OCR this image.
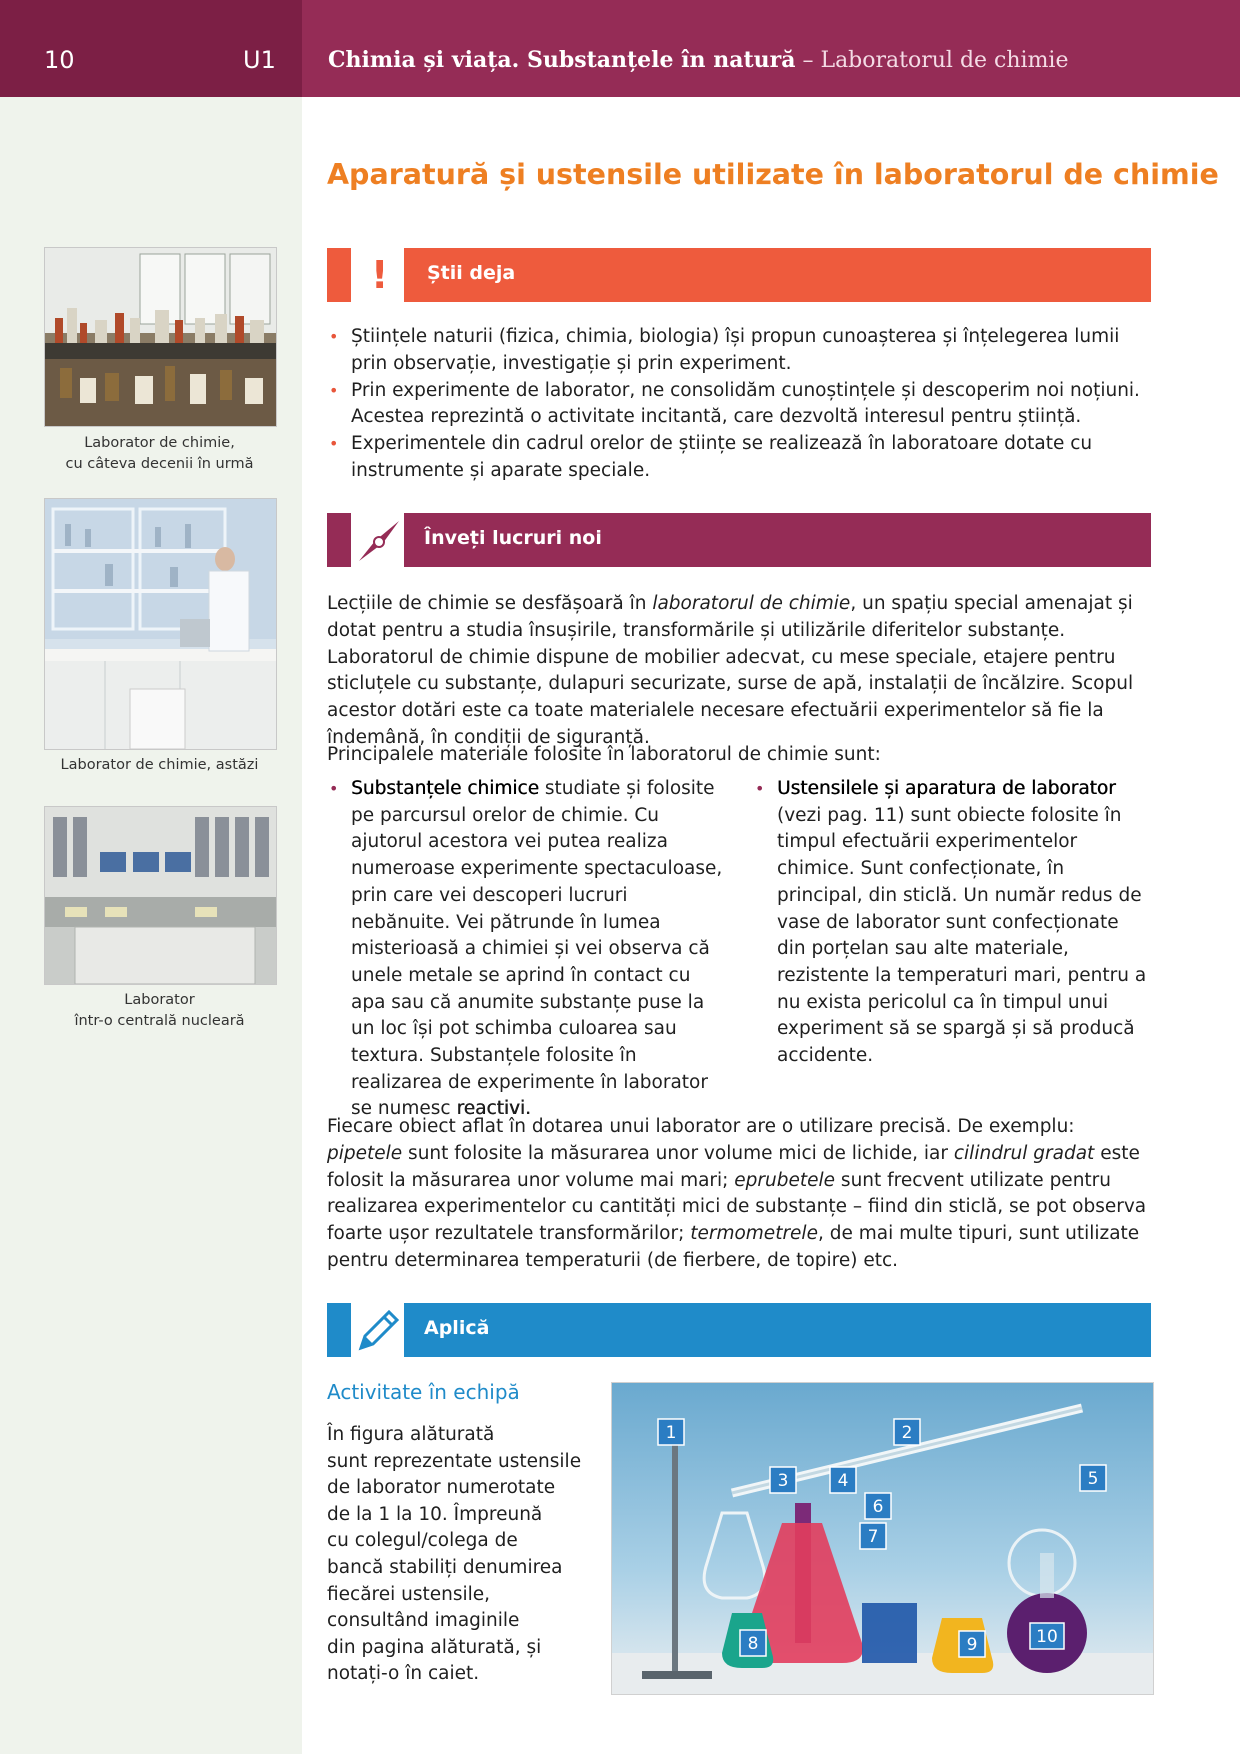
10	U1 Chimia și viața. Substanțele în natură – Laboratorul de chimie
Aparatură și ustensile utilizate în laboratorul de chimie
Laborator de chimie,
cu câteva decenii în urmă
Laborator de chimie, astăzi
Laborator
într-o centrală nucleară
! Știi deja
• Științele naturii (fizica, chimia, biologia) își propun cunoașterea și înțelegerea lumii prin observație, investigație și prin experiment.
• Prin experimente de laborator, ne consolidăm cunoștințele și descoperim noi noțiuni. Acestea reprezintă o activitate incitantă, care dezvoltă interesul pentru știință.
• Experimentele din cadrul orelor de științe se realizează în laboratoare dotate cu instrumente și aparate speciale.
Înveți lucruri noi
Lecțiile de chimie se desfășoară în laboratorul de chimie, un spațiu special amenajat și dotat pentru a studia însușirile, transformările și utilizările diferitelor substanțe. Laboratorul de chimie dispune de mobilier adecvat, cu mese speciale, etajere pentru sticluțele cu substanțe, dulapuri securizate, surse de apă, instalații de încălzire. Scopul acestor dotări este ca toate materialele necesare efectuării experimentelor să fie la îndemână, în condiții de siguranță.
Principalele materiale folosite în laboratorul de chimie sunt:
• Substanțele chimice studiate și folosite pe parcursul orelor de chimie. Cu ajutorul acestora vei putea realiza numeroase experimente spectaculoase, prin care vei descoperi lucruri nebănuite. Vei pătrunde în lumea misterioasă a chimiei și vei observa că unele metale se aprind în contact cu apa sau că anumite substanțe puse la un loc își pot schimba culoarea sau textura. Substanțele folosite în realizarea de experimente în laborator se numesc reactivi.
• Ustensilele și aparatura de laborator (vezi pag. 11) sunt obiecte folosite în timpul efectuării experimentelor chimice. Sunt confecționate, în principal, din sticlă. Un număr redus de vase de laborator sunt confecționate din porțelan sau alte materiale, rezistente la temperaturi mari, pentru a nu exista pericolul ca în timpul unui experiment să se spargă și să producă accidente.
Fiecare obiect aflat în dotarea unui laborator are o utilizare precisă. De exemplu: pipetele sunt folosite la măsurarea unor volume mici de lichide, iar cilindrul gradat este folosit la măsurarea unor volume mai mari; eprubetele sunt frecvent utilizate pentru realizarea experimentelor cu cantități mici de substanțe – fiind din sticlă, se pot observa foarte ușor rezultatele transformărilor; termometrele, de mai multe tipuri, sunt utilizate pentru determinarea temperaturii (de fierbere, de topire) etc.
Aplică
Activitate în echipă
În figura alăturată
sunt reprezentate ustensile
de laborator numerotate
de la 1 la 10. Împreună
cu colegul/colega de
bancă stabiliți denumirea
fiecărei ustensile,
consultând imaginile
din pagina alăturată, și
notați-o în caiet.
1	2
3	4	5
6
7
8	9	10
